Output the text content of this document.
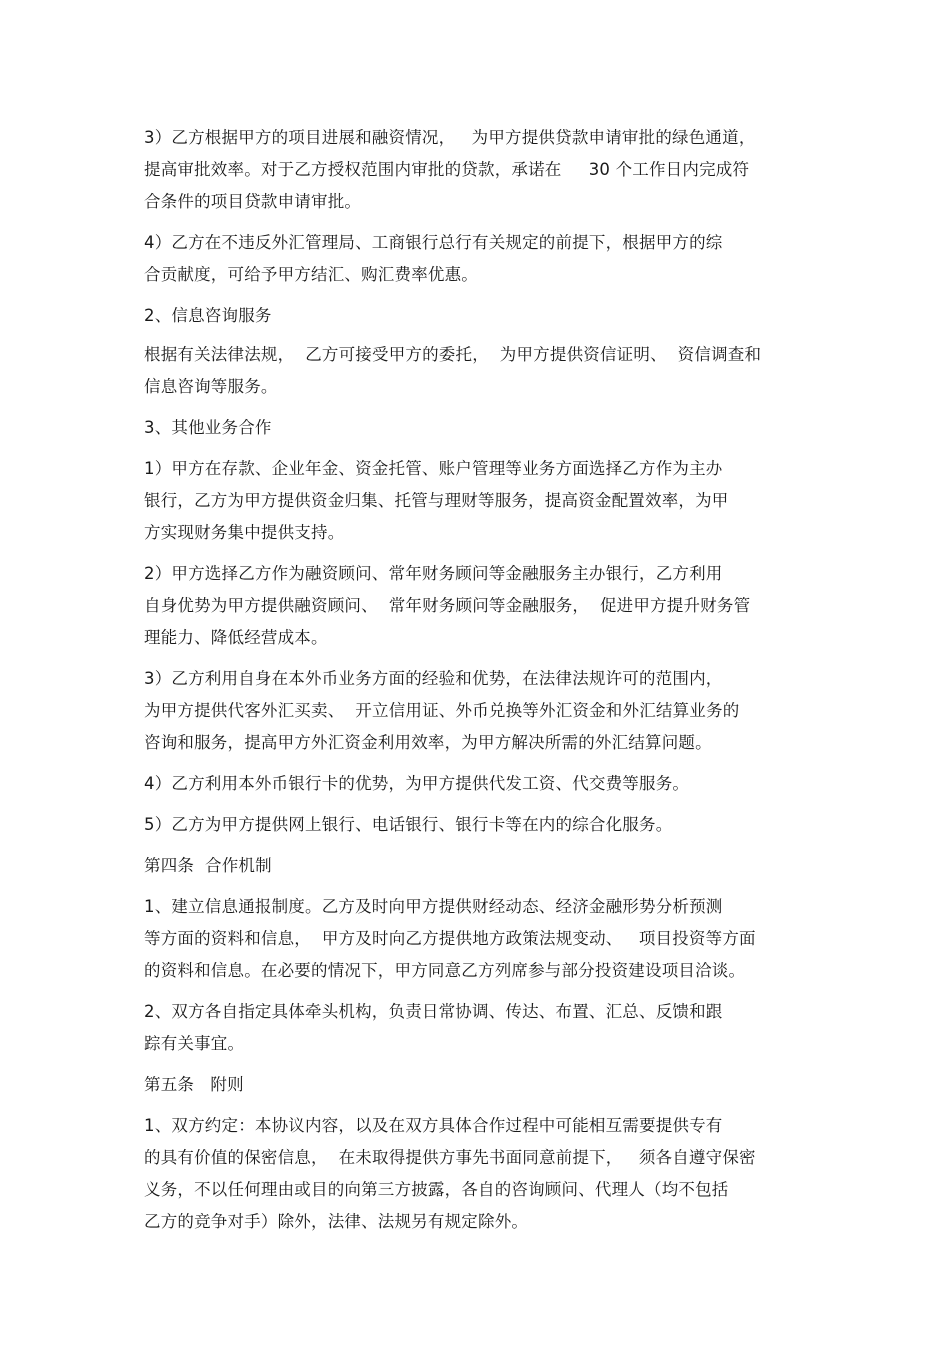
3）乙方根据甲方的项目进展和融资情况，   为甲方提供贷款申请审批的绿色通道，
提高审批效率。对于乙方授权范围内审批的贷款，承诺在     30 个工作日内完成符
合条件的项目贷款申请审批。
4）乙方在不违反外汇管理局、工商银行总行有关规定的前提下，根据甲方的综
合贡献度，可给予甲方结汇、购汇费率优惠。
2、信息咨询服务
根据有关法律法规，  乙方可接受甲方的委托，  为甲方提供资信证明、  资信调查和
信息咨询等服务。
3、其他业务合作
1）甲方在存款、企业年金、资金托管、账户管理等业务方面选择乙方作为主办
银行，乙方为甲方提供资金归集、托管与理财等服务，提高资金配置效率，为甲
方实现财务集中提供支持。
2）甲方选择乙方作为融资顾问、常年财务顾问等金融服务主办银行，乙方利用
自身优势为甲方提供融资顾问、  常年财务顾问等金融服务，  促进甲方提升财务管
理能力、降低经营成本。
3）乙方利用自身在本外币业务方面的经验和优势，在法律法规许可的范围内，
为甲方提供代客外汇买卖、  开立信用证、外币兑换等外汇资金和外汇结算业务的
咨询和服务，提高甲方外汇资金利用效率，为甲方解决所需的外汇结算问题。
4）乙方利用本外币银行卡的优势，为甲方提供代发工资、代交费等服务。
5）乙方为甲方提供网上银行、电话银行、银行卡等在内的综合化服务。
第四条  合作机制
1、建立信息通报制度。乙方及时向甲方提供财经动态、经济金融形势分析预测
等方面的资料和信息，  甲方及时向乙方提供地方政策法规变动、   项目投资等方面
的资料和信息。在必要的情况下，甲方同意乙方列席参与部分投资建设项目洽谈。
2、双方各自指定具体牵头机构，负责日常协调、传达、布置、汇总、反馈和跟
踪有关事宜。
第五条   附则
1、双方约定：本协议内容，以及在双方具体合作过程中可能相互需要提供专有
的具有价值的保密信息，  在未取得提供方事先书面同意前提下，   须各自遵守保密
义务，不以任何理由或目的向第三方披露，各自的咨询顾问、代理人（均不包括
乙方的竞争对手）除外，法律、法规另有规定除外。
